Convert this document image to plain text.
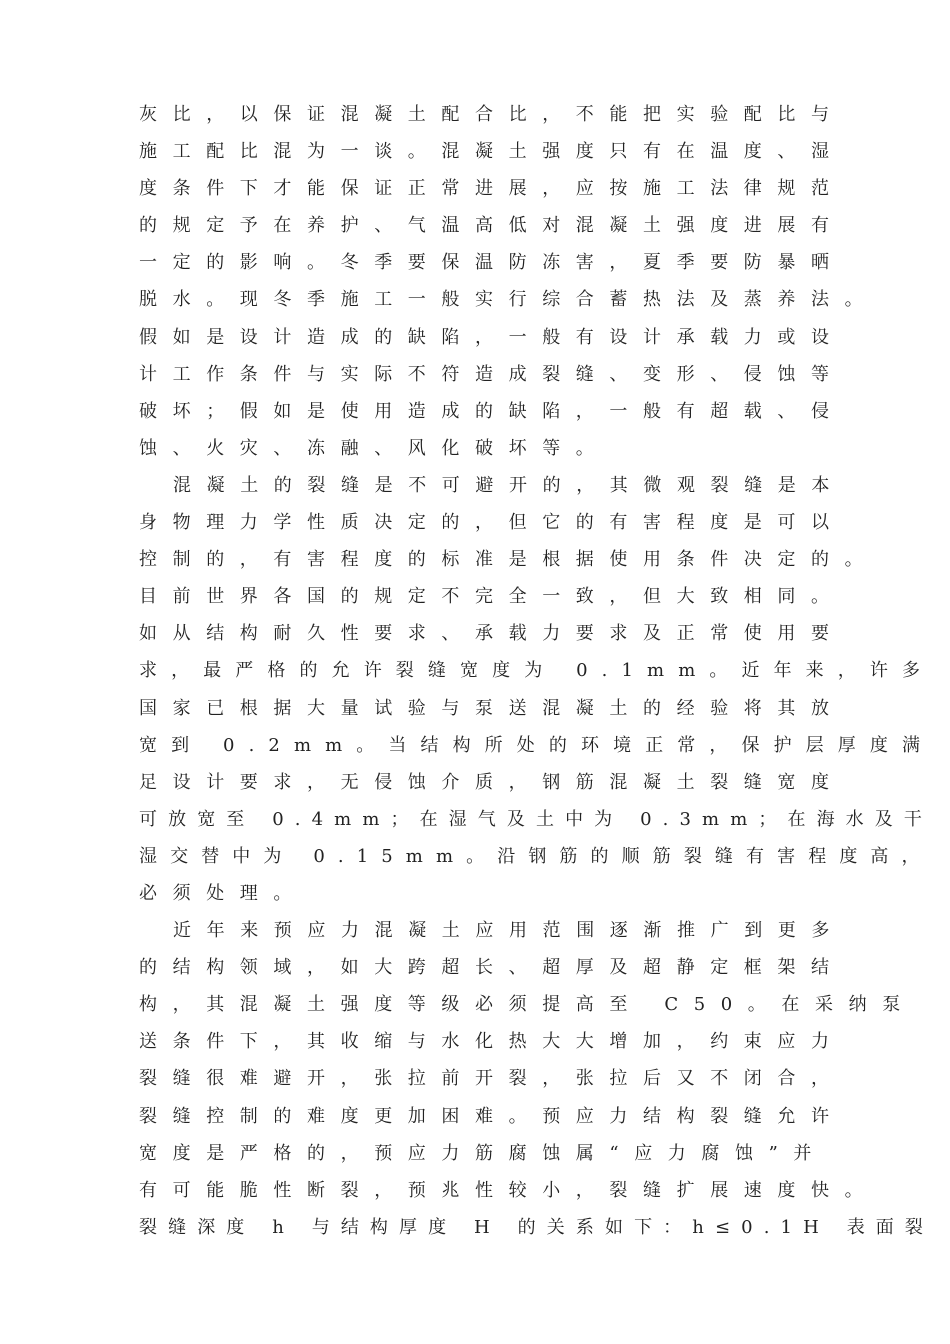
灰比，以保证混凝土配合比，不能把实验配比与
施工配比混为一谈。混凝土强度只有在温度、湿
度条件下才能保证正常进展，应按施工法律规范
的规定予在养护、气温高低对混凝土强度进展有
一定的影响。冬季要保温防冻害，夏季要防暴晒
脱水。现冬季施工一般实行综合蓄热法及蒸养法。
假如是设计造成的缺陷，一般有设计承载力或设
计工作条件与实际不符造成裂缝、变形、侵蚀等
破坏；假如是使用造成的缺陷，一般有超载、侵
蚀、火灾、冻融、风化破坏等。
混凝土的裂缝是不可避开的，其微观裂缝是本
身物理力学性质决定的，但它的有害程度是可以
控制的，有害程度的标准是根据使用条件决定的。
目前世界各国的规定不完全一致，但大致相同。
如从结构耐久性要求、承载力要求及正常使用要
求，最严格的允许裂缝宽度为 0.1mm。近年来，许多
国家已根据大量试验与泵送混凝土的经验将其放
宽到 0.2mm。当结构所处的环境正常，保护层厚度满
足设计要求，无侵蚀介质，钢筋混凝土裂缝宽度
可放宽至 0.4mm；在湿气及土中为 0.3mm；在海水及干
湿交替中为 0.15mm。沿钢筋的顺筋裂缝有害程度高，
必须处理。
近年来预应力混凝土应用范围逐渐推广到更多
的结构领域，如大跨超长、超厚及超静定框架结
构，其混凝土强度等级必须提高至 C50。在采纳泵
送条件下，其收缩与水化热大大增加，约束应力
裂缝很难避开，张拉前开裂，张拉后又不闭合，
裂缝控制的难度更加困难。预应力结构裂缝允许
宽度是严格的，预应力筋腐蚀属“应力腐蚀”并
有可能脆性断裂，预兆性较小，裂缝扩展速度快。
裂缝深度 h 与结构厚度 H 的关系如下：h≤0.1H 表面裂
